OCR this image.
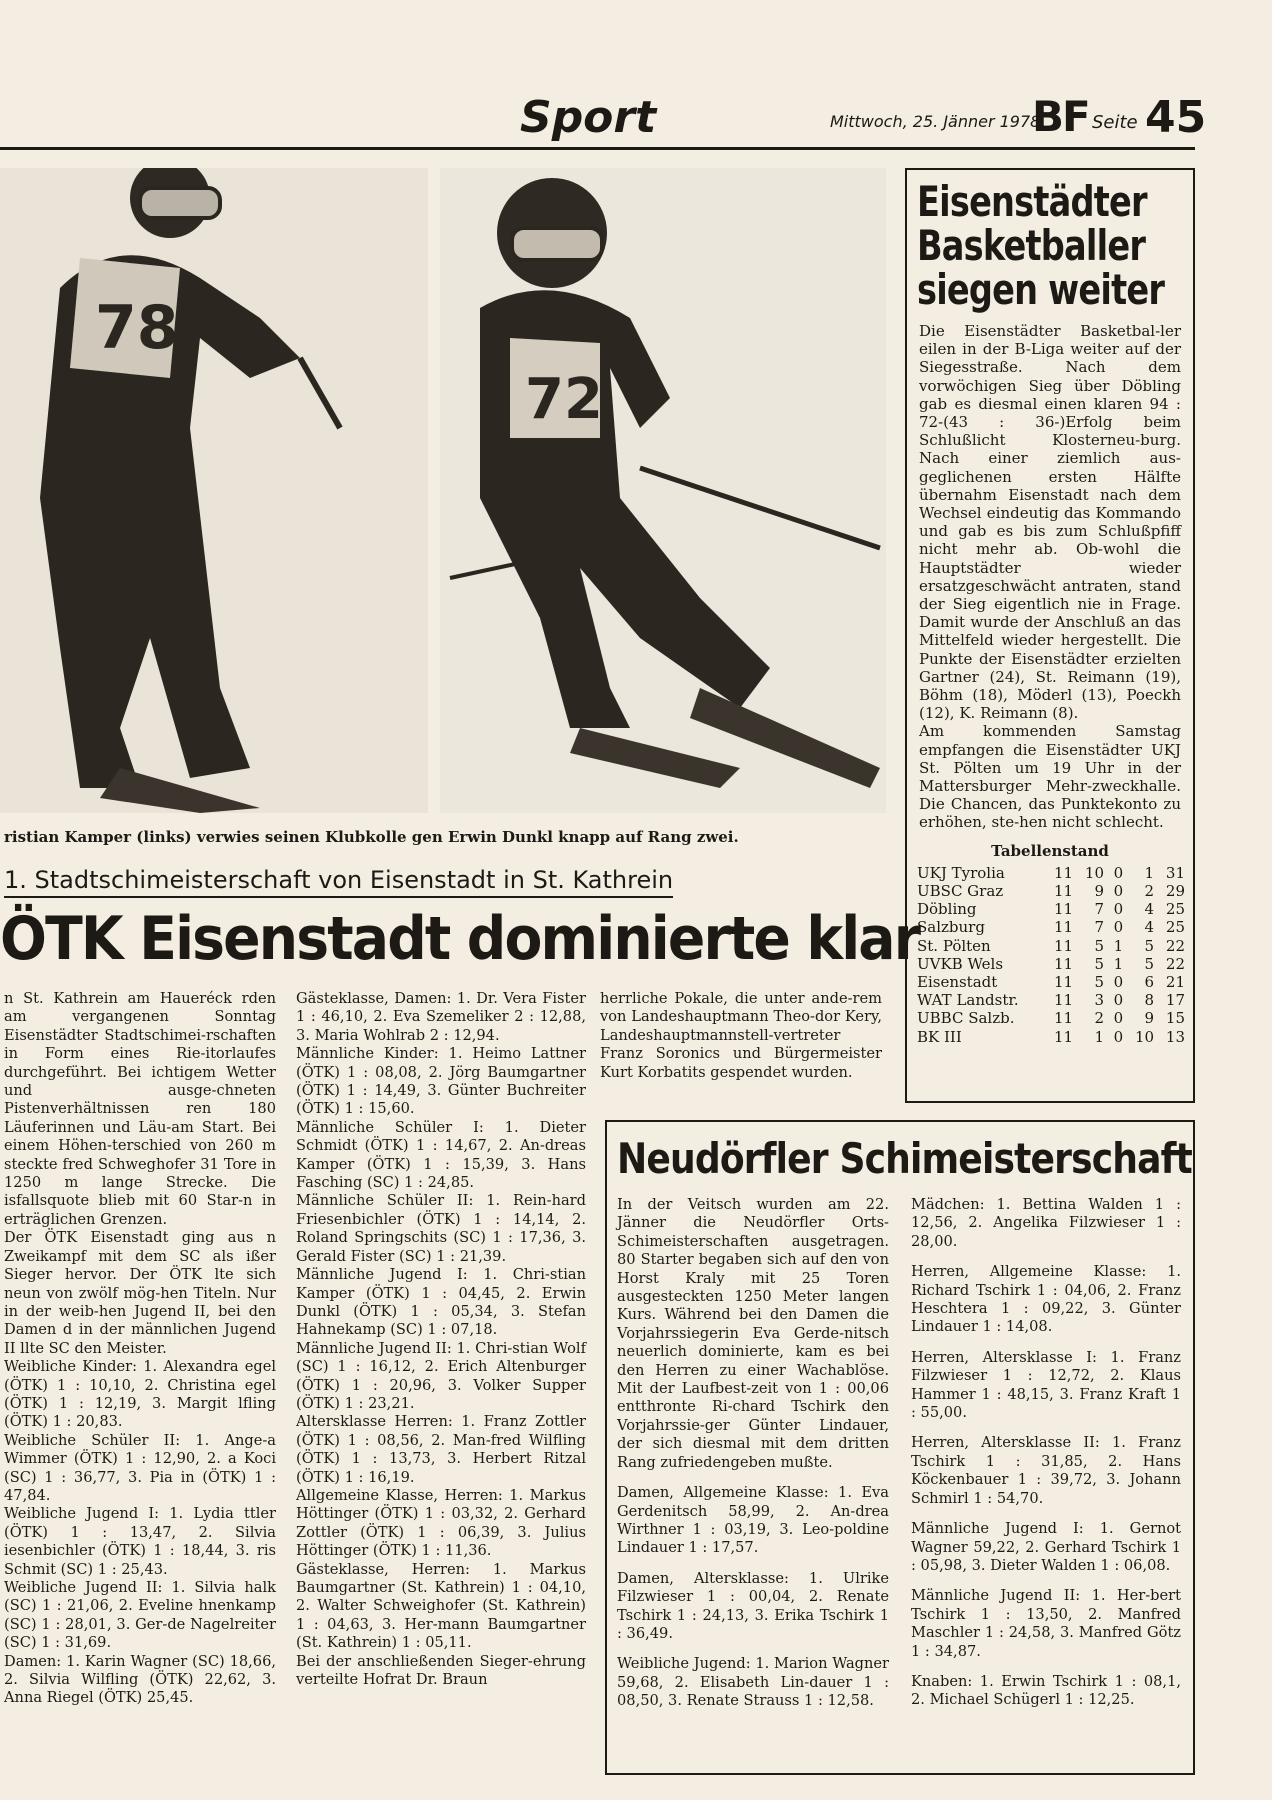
Sport	Mittwoch, 25. Jänner 1978
BF Seite 45
78
72
ristian Kamper (links) verwies seinen Klubkolle gen Erwin Dunkl knapp auf Rang zwei.
1. Stadtschimeisterschaft von Eisenstadt in St. Kathrein
ÖTK Eisenstadt dominierte klar

n St. Kathrein am Haueréck rden am vergangenen Sonntag Eisenstädter Stadtschimei-rschaften in Form eines Rie-itorlaufes durchgeführt. Bei ichtigem Wetter und ausge-chneten Pistenverhältnissen ren 180 Läuferinnen und Läu-am Start. Bei einem Höhen-terschied von 260 m steckte fred Schweghofer 31 Tore in 1250 m lange Strecke. Die isfallsquote blieb mit 60 Star-n in erträglichen Grenzen.

Der ÖTK Eisenstadt ging aus n Zweikampf mit dem SC als ißer Sieger hervor. Der ÖTK lte sich neun von zwölf mög-hen Titeln. Nur in der weib-hen Jugend II, bei den Damen d in der männlichen Jugend II llte SC den Meister.

Weibliche Kinder: 1. Alexandra egel (ÖTK) 1 : 10,10, 2. Christina egel (ÖTK) 1 : 12,19, 3. Margit lfling (ÖTK) 1 : 20,83.

Weibliche Schüler II: 1. Ange-a Wimmer (ÖTK) 1 : 12,90, 2. a Koci (SC) 1 : 36,77, 3. Pia in (ÖTK) 1 : 47,84.

Weibliche Jugend I: 1. Lydia ttler (ÖTK) 1 : 13,47, 2. Silvia iesenbichler (ÖTK) 1 : 18,44, 3. ris Schmit (SC) 1 : 25,43.

Weibliche Jugend II: 1. Silvia halk (SC) 1 : 21,06, 2. Eveline hnenkamp (SC) 1 : 28,01, 3. Ger-de Nagelreiter (SC) 1 : 31,69.

Damen: 1. Karin Wagner (SC) 18,66, 2. Silvia Wilfling (ÖTK) 22,62, 3. Anna Riegel (ÖTK) 25,45.

Gästeklasse, Damen: 1. Dr. Vera Fister 1 : 46,10, 2. Eva Szemeliker 2 : 12,88, 3. Maria Wohlrab 2 : 12,94.

Männliche Kinder: 1. Heimo Lattner (ÖTK) 1 : 08,08, 2. Jörg Baumgartner (ÖTK) 1 : 14,49, 3. Günter Buchreiter (ÖTK) 1 : 15,60.

Männliche Schüler I: 1. Dieter Schmidt (ÖTK) 1 : 14,67, 2. An-dreas Kamper (ÖTK) 1 : 15,39, 3. Hans Fasching (SC) 1 : 24,85.

Männliche Schüler II: 1. Rein-hard Friesenbichler (ÖTK) 1 : 14,14, 2. Roland Springschits (SC) 1 : 17,36, 3. Gerald Fister (SC) 1 : 21,39.

Männliche Jugend I: 1. Chri-stian Kamper (ÖTK) 1 : 04,45, 2. Erwin Dunkl (ÖTK) 1 : 05,34, 3. Stefan Hahnekamp (SC) 1 : 07,18.

Männliche Jugend II: 1. Chri-stian Wolf (SC) 1 : 16,12, 2. Erich Altenburger (ÖTK) 1 : 20,96, 3. Volker Supper (ÖTK) 1 : 23,21.

Altersklasse Herren: 1. Franz Zottler (ÖTK) 1 : 08,56, 2. Man-fred Wilfling (ÖTK) 1 : 13,73, 3. Herbert Ritzal (ÖTK) 1 : 16,19.

Allgemeine Klasse, Herren: 1. Markus Höttinger (ÖTK) 1 : 03,32, 2. Gerhard Zottler (ÖTK) 1 : 06,39, 3. Julius Höttinger (ÖTK) 1 : 11,36.

Gästeklasse, Herren: 1. Markus Baumgartner (St. Kathrein) 1 : 04,10, 2. Walter Schweighofer (St. Kathrein) 1 : 04,63, 3. Her-mann Baumgartner (St. Kathrein) 1 : 05,11.

Bei der anschließenden Sieger-ehrung verteilte Hofrat Dr. Braun

herrliche Pokale, die unter ande-rem von Landeshauptmann Theo-dor Kery, Landeshauptmannstell-vertreter Franz Soronics und Bürgermeister Kurt Korbatits gespendet wurden.

Eisenstädter
Basketballer
siegen weiter

Die Eisenstädter Basketbal-ler eilen in der B-Liga weiter auf der Siegesstraße. Nach dem vorwöchigen Sieg über Döbling gab es diesmal einen klaren 94 : 72-(43 : 36-)Erfolg beim Schlußlicht Klosterneu-burg. Nach einer ziemlich aus-geglichenen ersten Hälfte übernahm Eisenstadt nach dem Wechsel eindeutig das Kommando und gab es bis zum Schlußpfiff nicht mehr ab. Ob-wohl die Hauptstädter wieder ersatzgeschwächt antraten, stand der Sieg eigentlich nie in Frage. Damit wurde der Anschluß an das Mittelfeld wieder hergestellt. Die Punkte der Eisenstädter erzielten Gartner (24), St. Reimann (19), Böhm (18), Möderl (13), Poeckh (12), K. Reimann (8).

Am kommenden Samstag empfangen die Eisenstädter UKJ St. Pölten um 19 Uhr in der Mattersburger Mehr-zweckhalle. Die Chancen, das Punktekonto zu erhöhen, ste-hen nicht schlecht.

Tabellenstand
UKJ Tyrolia	11	10	0	1	31
UBSC Graz	11	9	0	2	29
Döbling	11	7	0	4	25
Salzburg	11	7	0	4	25
St. Pölten	11	5	1	5	22
UVKB Wels	11	5	1	5	22
Eisenstadt	11	5	0	6	21
WAT Landstr.	11	3	0	8	17
UBBC Salzb.	11	2	0	9	15
BK III	11	1	0	10	13
Neudörfler Schimeisterschaft

In der Veitsch wurden am 22. Jänner die Neudörfler Orts-Schimeisterschaften ausgetragen. 80 Starter begaben sich auf den von Horst Kraly mit 25 Toren ausgesteckten 1250 Meter langen Kurs. Während bei den Damen die Vorjahrssiegerin Eva Gerde-nitsch neuerlich dominierte, kam es bei den Herren zu einer Wachablöse. Mit der Laufbest-zeit von 1 : 00,06 entthronte Ri-chard Tschirk den Vorjahrssie-ger Günter Lindauer, der sich diesmal mit dem dritten Rang zufriedengeben mußte.

Damen, Allgemeine Klasse: 1. Eva Gerdenitsch 58,99, 2. An-drea Wirthner 1 : 03,19, 3. Leo-poldine Lindauer 1 : 17,57.

Damen, Altersklasse: 1. Ulrike Filzwieser 1 : 00,04, 2. Renate Tschirk 1 : 24,13, 3. Erika Tschirk 1 : 36,49.

Weibliche Jugend: 1. Marion Wagner 59,68, 2. Elisabeth Lin-dauer 1 : 08,50, 3. Renate Strauss 1 : 12,58.

Mädchen: 1. Bettina Walden 1 : 12,56, 2. Angelika Filzwieser 1 : 28,00.

Herren, Allgemeine Klasse: 1. Richard Tschirk 1 : 04,06, 2. Franz Heschtera 1 : 09,22, 3. Günter Lindauer 1 : 14,08.

Herren, Altersklasse I: 1. Franz Filzwieser 1 : 12,72, 2. Klaus Hammer 1 : 48,15, 3. Franz Kraft 1 : 55,00.

Herren, Altersklasse II: 1. Franz Tschirk 1 : 31,85, 2. Hans Köckenbauer 1 : 39,72, 3. Johann Schmirl 1 : 54,70.

Männliche Jugend I: 1. Gernot Wagner 59,22, 2. Gerhard Tschirk 1 : 05,98, 3. Dieter Walden 1 : 06,08.

Männliche Jugend II: 1. Her-bert Tschirk 1 : 13,50, 2. Manfred Maschler 1 : 24,58, 3. Manfred Götz 1 : 34,87.

Knaben: 1. Erwin Tschirk 1 : 08,1, 2. Michael Schügerl 1 : 12,25.
